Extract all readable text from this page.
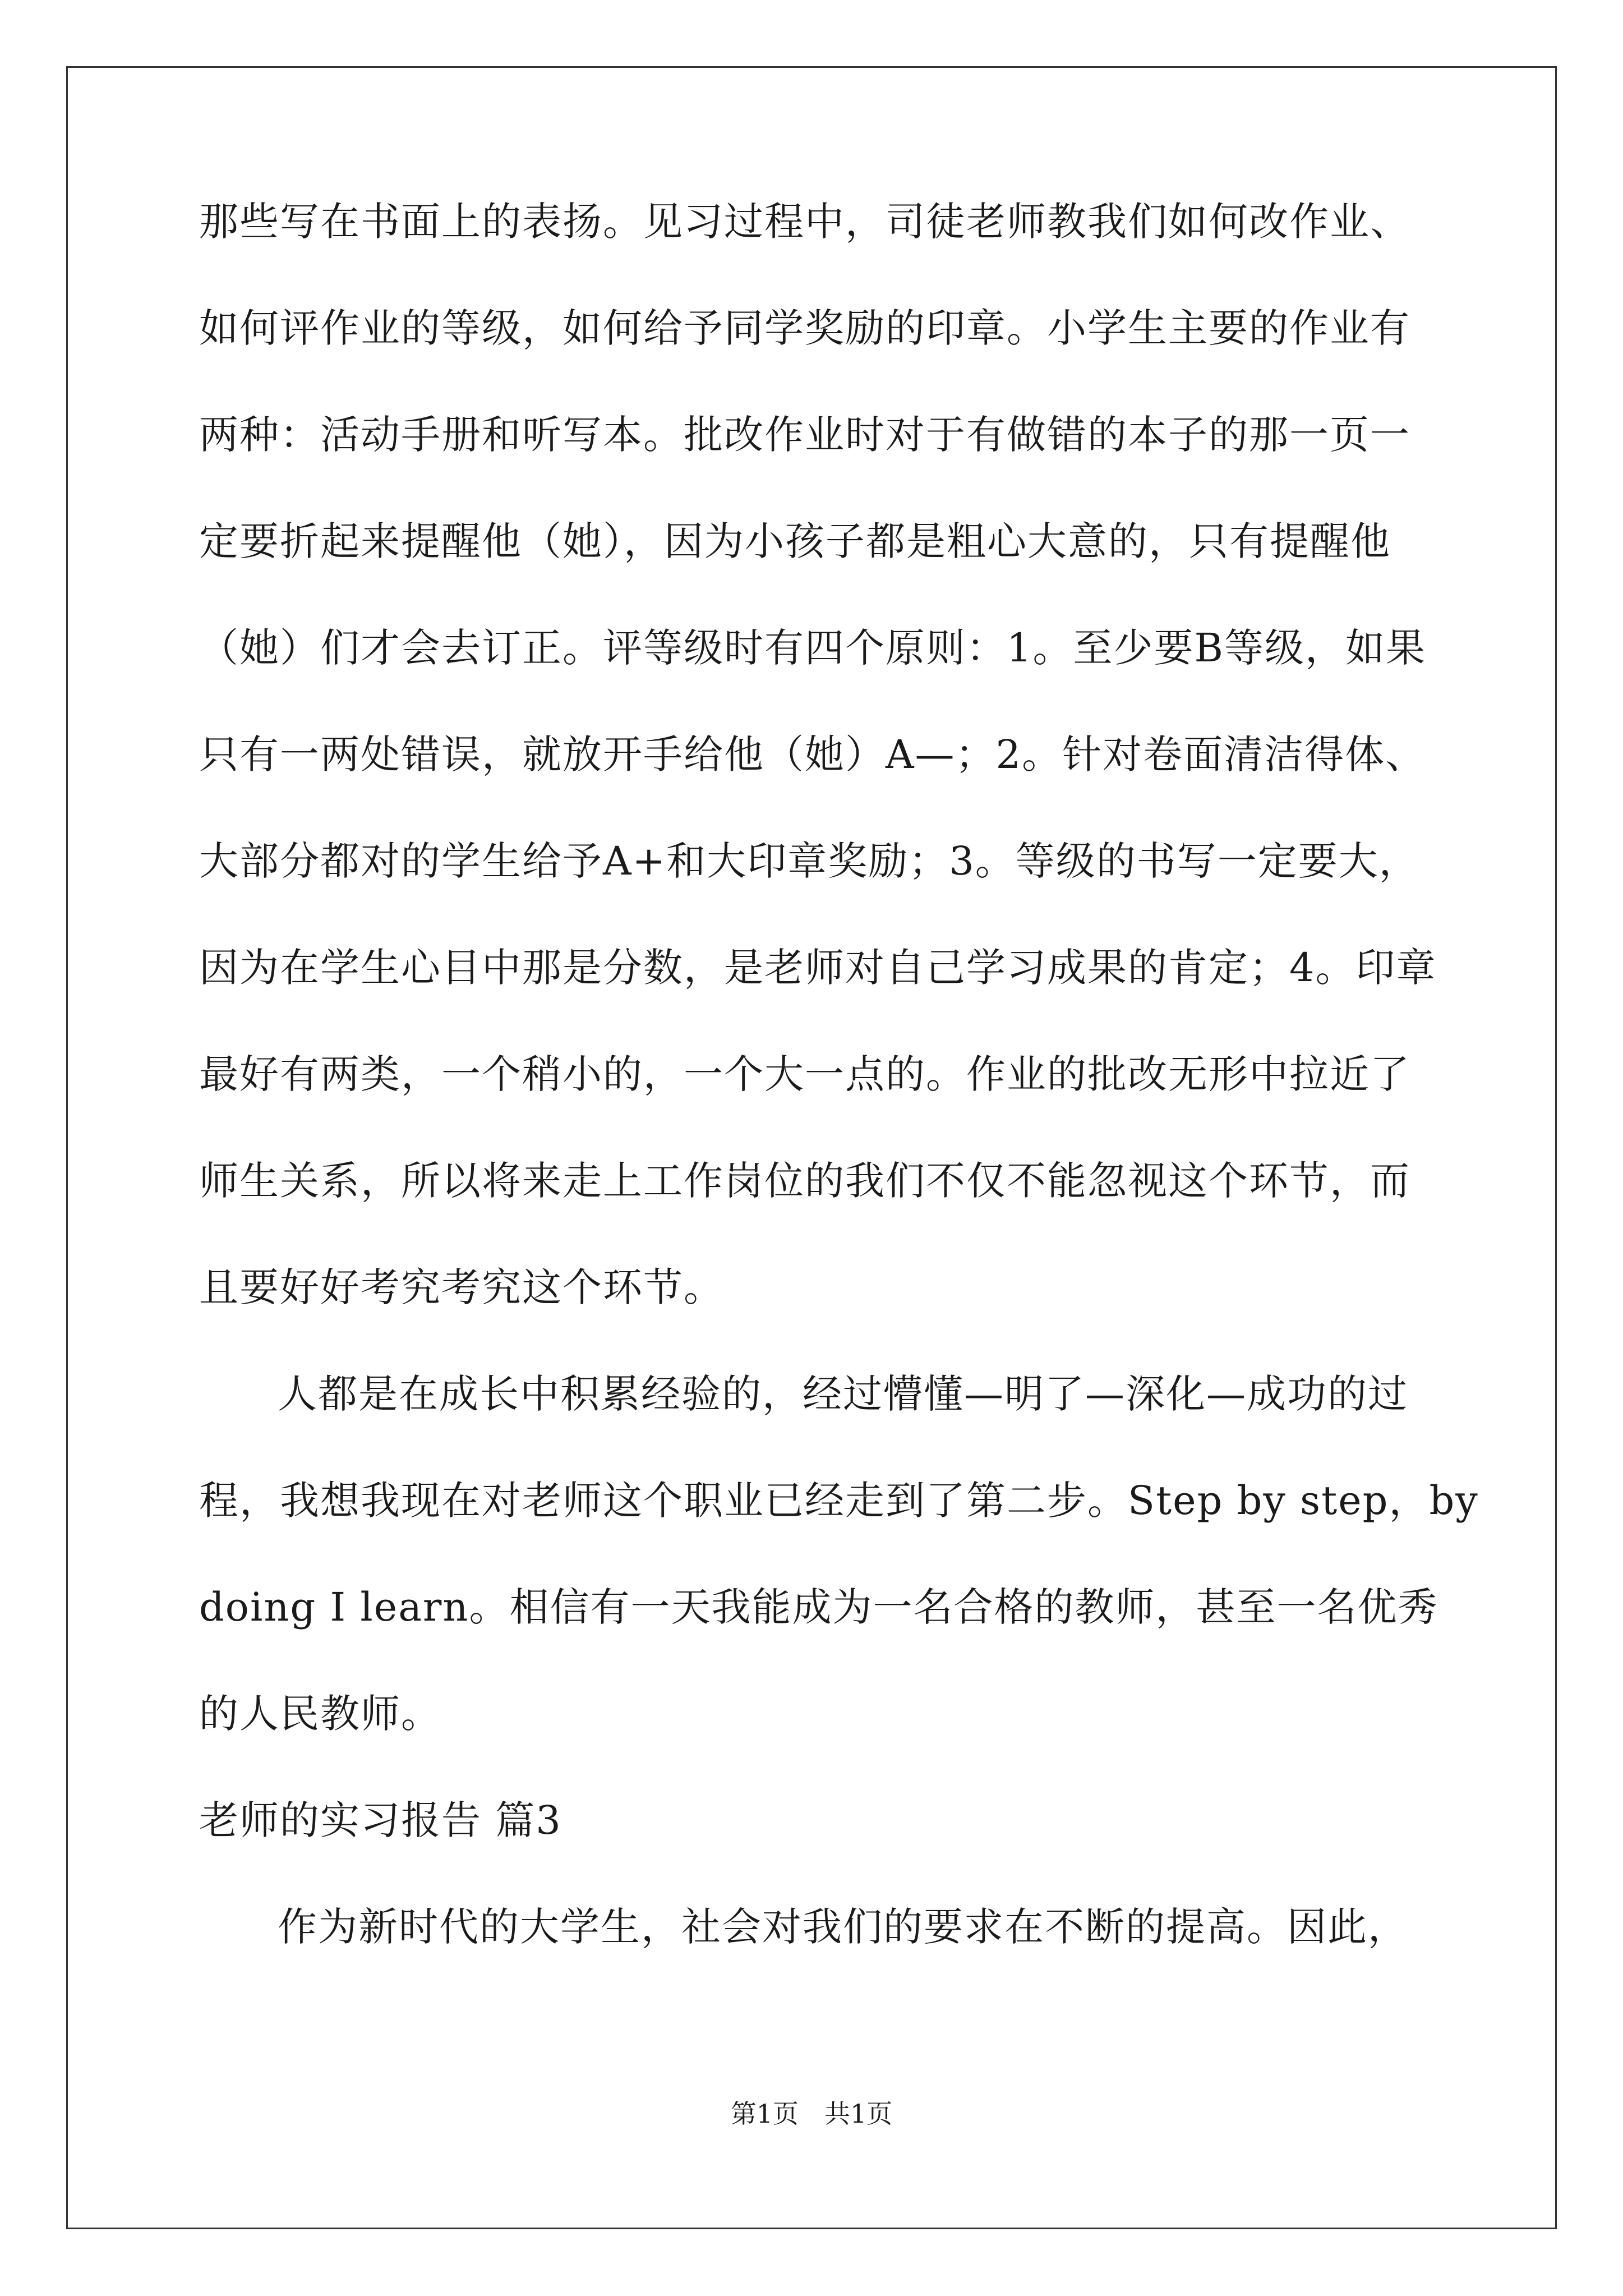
那些写在书面上的表扬。见习过程中，司徒老师教我们如何改作业、
如何评作业的等级，如何给予同学奖励的印章。小学生主要的作业有
两种：活动手册和听写本。批改作业时对于有做错的本子的那一页一
定要折起来提醒他（她），因为小孩子都是粗心大意的，只有提醒他
（她）们才会去订正。评等级时有四个原则：1。至少要B等级，如果
只有一两处错误，就放开手给他（她）A—；2。针对卷面清洁得体、
大部分都对的学生给予A+和大印章奖励；3。等级的书写一定要大，
因为在学生心目中那是分数，是老师对自己学习成果的肯定；4。印章
最好有两类，一个稍小的，一个大一点的。作业的批改无形中拉近了
师生关系，所以将来走上工作岗位的我们不仅不能忽视这个环节，而
且要好好考究考究这个环节。
人都是在成长中积累经验的，经过懵懂—明了—深化—成功的过
程，我想我现在对老师这个职业已经走到了第二步。Step by step，by
doing I learn。相信有一天我能成为一名合格的教师，甚至一名优秀
的人民教师。
老师的实习报告 篇3
作为新时代的大学生，社会对我们的要求在不断的提高。因此，
第1页　共1页
